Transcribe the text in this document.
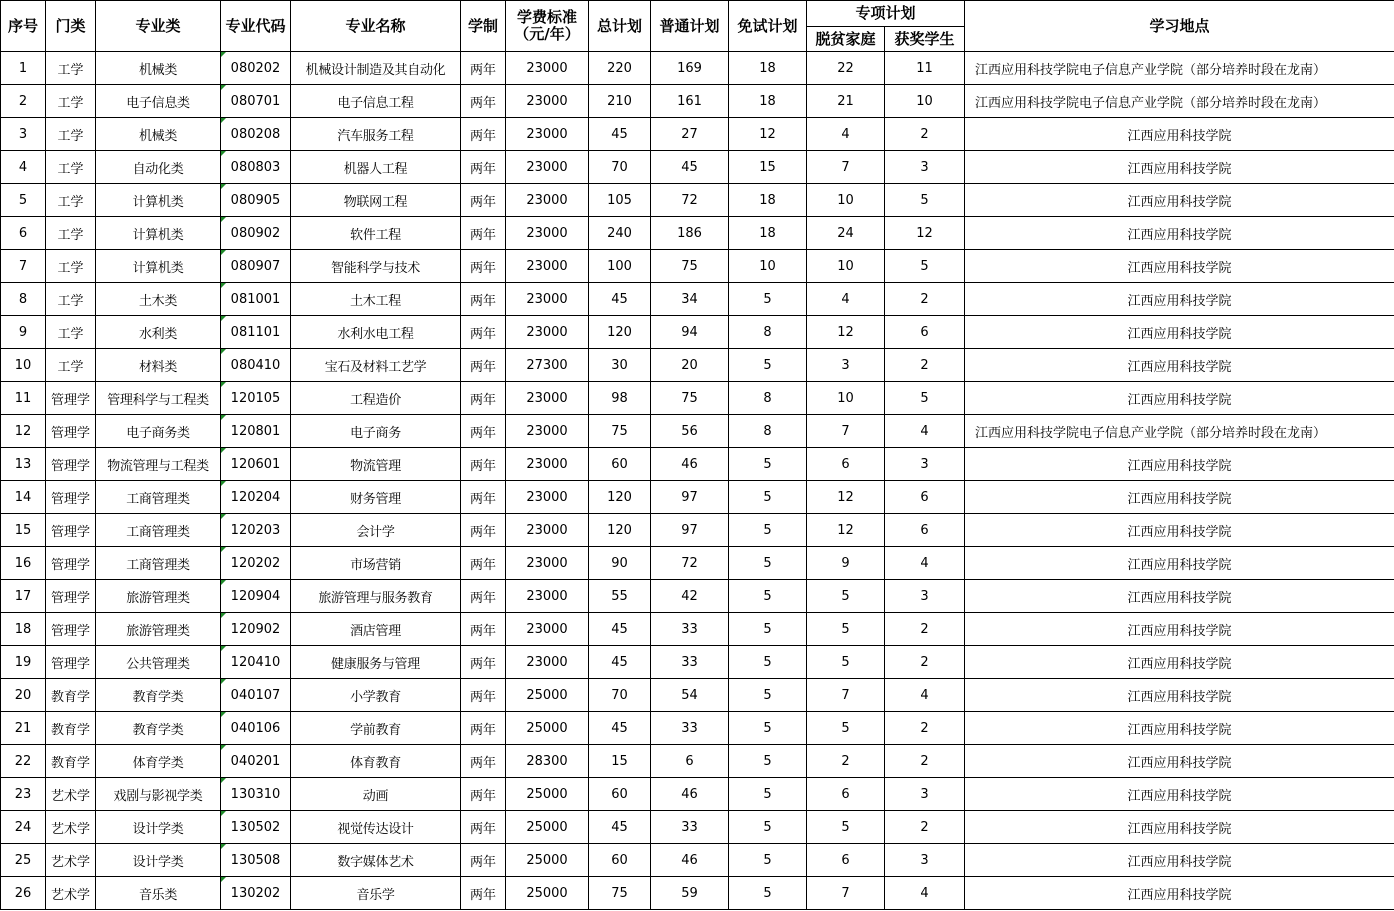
序号	门类	专业类	专业代码	专业名称	学制	学费标准（元/年）	总计划	普通计划	免试计划	专项计划		学习地点
										脱贫家庭	获奖学生	
1	工学	机械类	080202	机械设计制造及其自动化	两年	23000	220	169	18	22	11	江西应用科技学院电子信息产业学院（部分培养时段在龙南）
2	工学	电子信息类	080701	电子信息工程	两年	23000	210	161	18	21	10	江西应用科技学院电子信息产业学院（部分培养时段在龙南）
3	工学	机械类	080208	汽车服务工程	两年	23000	45	27	12	4	2	江西应用科技学院
4	工学	自动化类	080803	机器人工程	两年	23000	70	45	15	7	3	江西应用科技学院
5	工学	计算机类	080905	物联网工程	两年	23000	105	72	18	10	5	江西应用科技学院
6	工学	计算机类	080902	软件工程	两年	23000	240	186	18	24	12	江西应用科技学院
7	工学	计算机类	080907	智能科学与技术	两年	23000	100	75	10	10	5	江西应用科技学院
8	工学	土木类	081001	土木工程	两年	23000	45	34	5	4	2	江西应用科技学院
9	工学	水利类	081101	水利水电工程	两年	23000	120	94	8	12	6	江西应用科技学院
10	工学	材料类	080410	宝石及材料工艺学	两年	27300	30	20	5	3	2	江西应用科技学院
11	管理学	管理科学与工程类	120105	工程造价	两年	23000	98	75	8	10	5	江西应用科技学院
12	管理学	电子商务类	120801	电子商务	两年	23000	75	56	8	7	4	江西应用科技学院电子信息产业学院（部分培养时段在龙南）
13	管理学	物流管理与工程类	120601	物流管理	两年	23000	60	46	5	6	3	江西应用科技学院
14	管理学	工商管理类	120204	财务管理	两年	23000	120	97	5	12	6	江西应用科技学院
15	管理学	工商管理类	120203	会计学	两年	23000	120	97	5	12	6	江西应用科技学院
16	管理学	工商管理类	120202	市场营销	两年	23000	90	72	5	9	4	江西应用科技学院
17	管理学	旅游管理类	120904	旅游管理与服务教育	两年	23000	55	42	5	5	3	江西应用科技学院
18	管理学	旅游管理类	120902	酒店管理	两年	23000	45	33	5	5	2	江西应用科技学院
19	管理学	公共管理类	120410	健康服务与管理	两年	23000	45	33	5	5	2	江西应用科技学院
20	教育学	教育学类	040107	小学教育	两年	25000	70	54	5	7	4	江西应用科技学院
21	教育学	教育学类	040106	学前教育	两年	25000	45	33	5	5	2	江西应用科技学院
22	教育学	体育学类	040201	体育教育	两年	28300	15	6	5	2	2	江西应用科技学院
23	艺术学	戏剧与影视学类	130310	动画	两年	25000	60	46	5	6	3	江西应用科技学院
24	艺术学	设计学类	130502	视觉传达设计	两年	25000	45	33	5	5	2	江西应用科技学院
25	艺术学	设计学类	130508	数字媒体艺术	两年	25000	60	46	5	6	3	江西应用科技学院
26	艺术学	音乐类	130202	音乐学	两年	25000	75	59	5	7	4	江西应用科技学院
